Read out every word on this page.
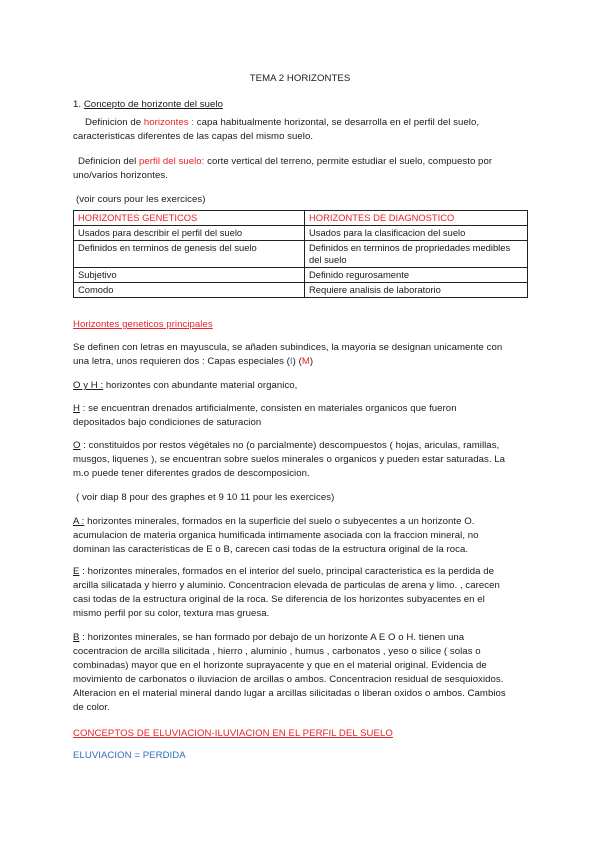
TEMA 2 HORIZONTES
1. Concepto de horizonte del suelo
Definicion de horizontes : capa habitualmente horizontal, se desarrolla en el perfil del suelo,
caracteristicas diferentes de las capas del mismo suelo.
Definicion del perfil del suelo: corte vertical del terreno, permite estudiar el suelo, compuesto por
uno/varios horizontes.
(voir cours pour les exercices)
HORIZONTES GENETICOS	HORIZONTES DE DIAGNOSTICO
Usados para describir el perfil del suelo	Usados para la clasificacion del suelo
Definidos en terminos de genesis del suelo	Definidos en terminos de propriedades medibles del suelo
Subjetivo	Definido regurosamente
Comodo	Requiere analisis de laboratorio
Horizontes geneticos principales
Se definen con letras en mayuscula, se añaden subindices, la mayoria se designan unicamente con
una letra, unos requieren dos : Capas especiales (I) (M)
O y H : horizontes con abundante material organico,
H : se encuentran drenados artificialmente, consisten en materiales organicos que fueron
depositados bajo condiciones de saturacion
O : constituidos por restos végétales no (o parcialmente) descompuestos ( hojas, ariculas, ramillas,
musgos, liquenes ), se encuentran sobre suelos minerales o organicos y pueden estar saturadas. La
m.o puede tener diferentes grados de descomposicion.
( voir diap 8 pour des graphes et 9 10 11 pour les exercices)
A : horizontes minerales, formados en la superficie del suelo o subyecentes a un horizonte O.
acumulacion de materia organica humificada intimamente asociada con la fraccion mineral, no
dominan las caracteristicas de E o B, carecen casi todas de la estructura original de la roca.
E : horizontes minerales, formados en el interior del suelo, principal caracteristica es la perdida de
arcilla silicatada y hierro y aluminio. Concentracion elevada de particulas de arena y limo. , carecen
casi todas de la estructura original de la roca. Se diferencia de los horizontes subyacentes en el
mismo perfil por su color, textura mas gruesa.
B : horizontes minerales, se han formado por debajo de un horizonte A E O o H. tienen una
cocentracion de arcilla silicitada , hierro , aluminio , humus , carbonatos , yeso o silice ( solas o
combinadas) mayor que en el horizonte suprayacente y que en el material original. Evidencia de
movimiento de carbonatos o iluviacion de arcillas o ambos. Concentracion residual de sesquioxidos.
Alteracion en el material mineral dando lugar a arcillas silicitadas o liberan oxidos o ambos. Cambios
de color.
CONCEPTOS DE ELUVIACION-ILUVIACION EN EL PERFIL DEL SUELO
ELUVIACION = PERDIDA
